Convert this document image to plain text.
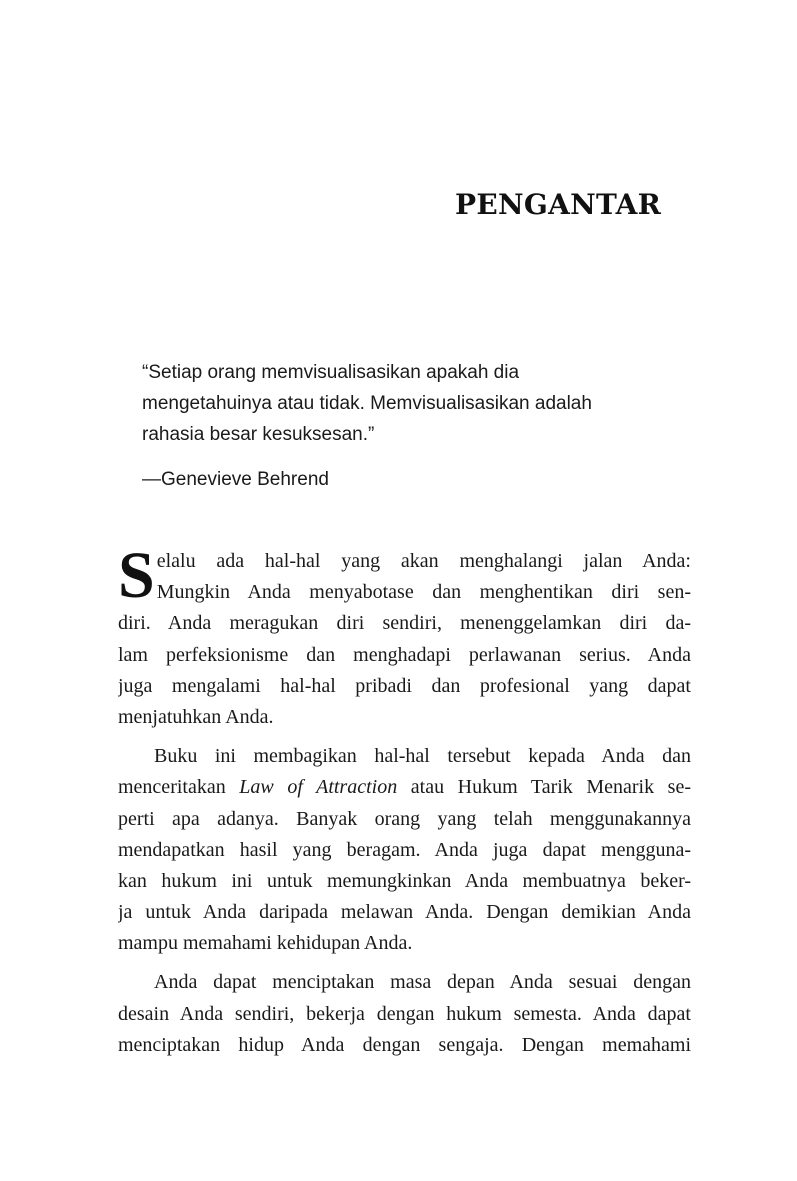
PENGANTAR

“Setiap orang memvisualisasikan apakah dia
mengetahuinya atau tidak. Memvisualisasikan adalah
rahasia besar kesuksesan.”

—Genevieve Behrend

S elalu ada hal-hal yang akan menghalangi jalan Anda:
Mungkin Anda menyabotase dan menghentikan diri sen-
diri. Anda meragukan diri sendiri, menenggelamkan diri da-
lam perfeksionisme dan menghadapi perlawanan serius. Anda
juga mengalami hal-hal pribadi dan profesional yang dapat
menjatuhkan Anda.
Buku ini membagikan hal-hal tersebut kepada Anda dan
menceritakan Law of Attraction atau Hukum Tarik Menarik se-
perti apa adanya. Banyak orang yang telah menggunakannya
mendapatkan hasil yang beragam. Anda juga dapat mengguna-
kan hukum ini untuk memungkinkan Anda membuatnya beker-
ja untuk Anda daripada melawan Anda. Dengan demikian Anda
mampu memahami kehidupan Anda.
Anda dapat menciptakan masa depan Anda sesuai dengan
desain Anda sendiri, bekerja dengan hukum semesta. Anda dapat
menciptakan hidup Anda dengan sengaja. Dengan memahami
